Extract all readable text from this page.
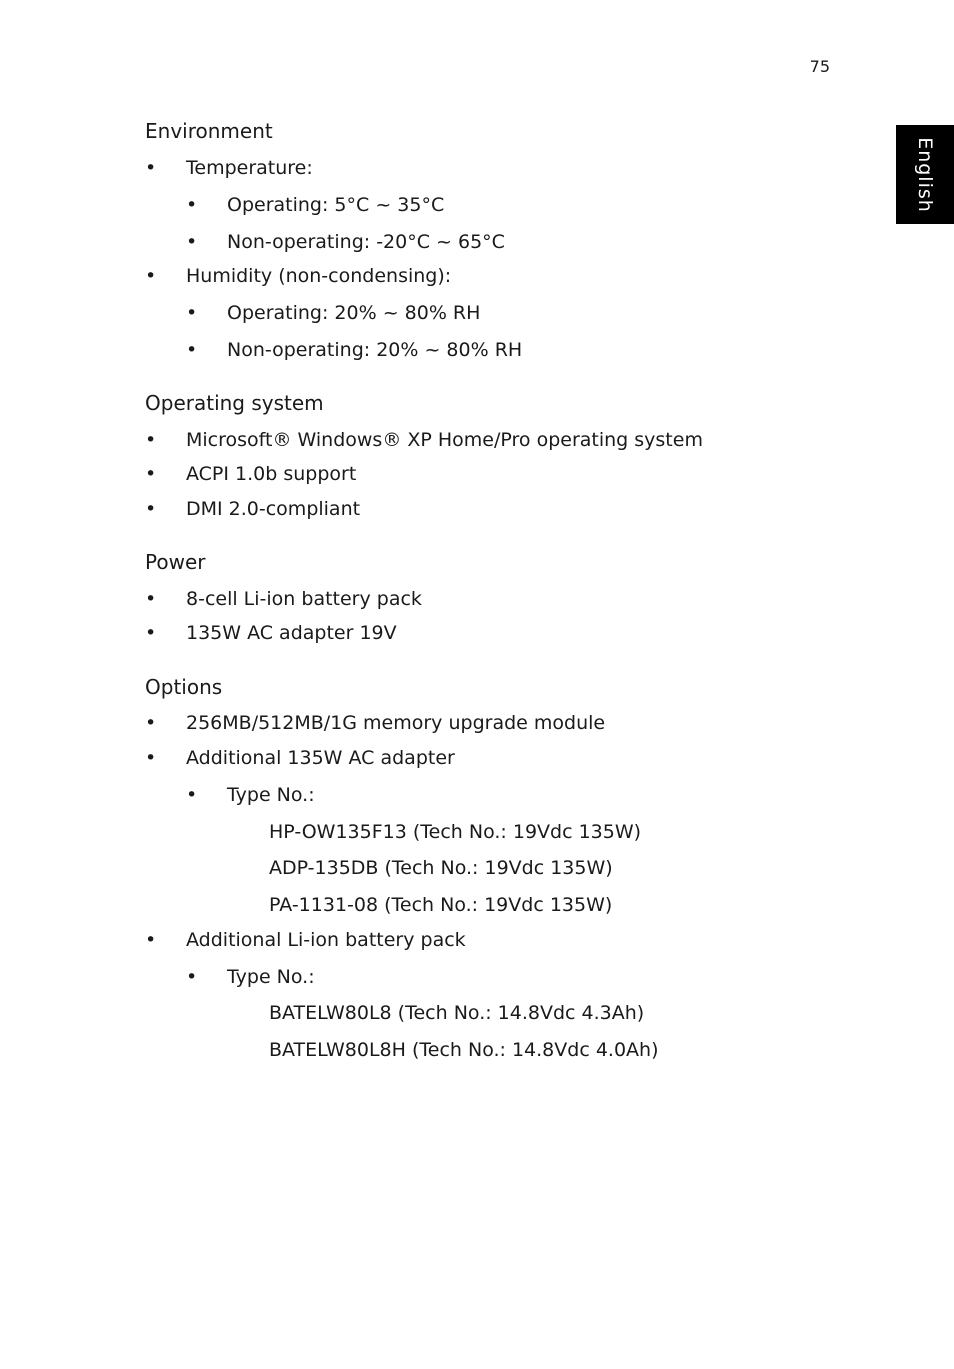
75
English
Environment
• Temperature:
• Operating: 5°C ~ 35°C
• Non-operating: -20°C ~ 65°C
• Humidity (non-condensing):
• Operating: 20% ~ 80% RH
• Non-operating: 20% ~ 80% RH
Operating system
• Microsoft® Windows® XP Home/Pro operating system
• ACPI 1.0b support
• DMI 2.0-compliant
Power
• 8-cell Li-ion battery pack
• 135W AC adapter 19V
Options
• 256MB/512MB/1G memory upgrade module
• Additional 135W AC adapter
• Type No.:
HP-OW135F13 (Tech No.: 19Vdc 135W)
ADP-135DB (Tech No.: 19Vdc 135W)
PA-1131-08 (Tech No.: 19Vdc 135W)
• Additional Li-ion battery pack
• Type No.:
BATELW80L8 (Tech No.: 14.8Vdc 4.3Ah)
BATELW80L8H (Tech No.: 14.8Vdc 4.0Ah)
